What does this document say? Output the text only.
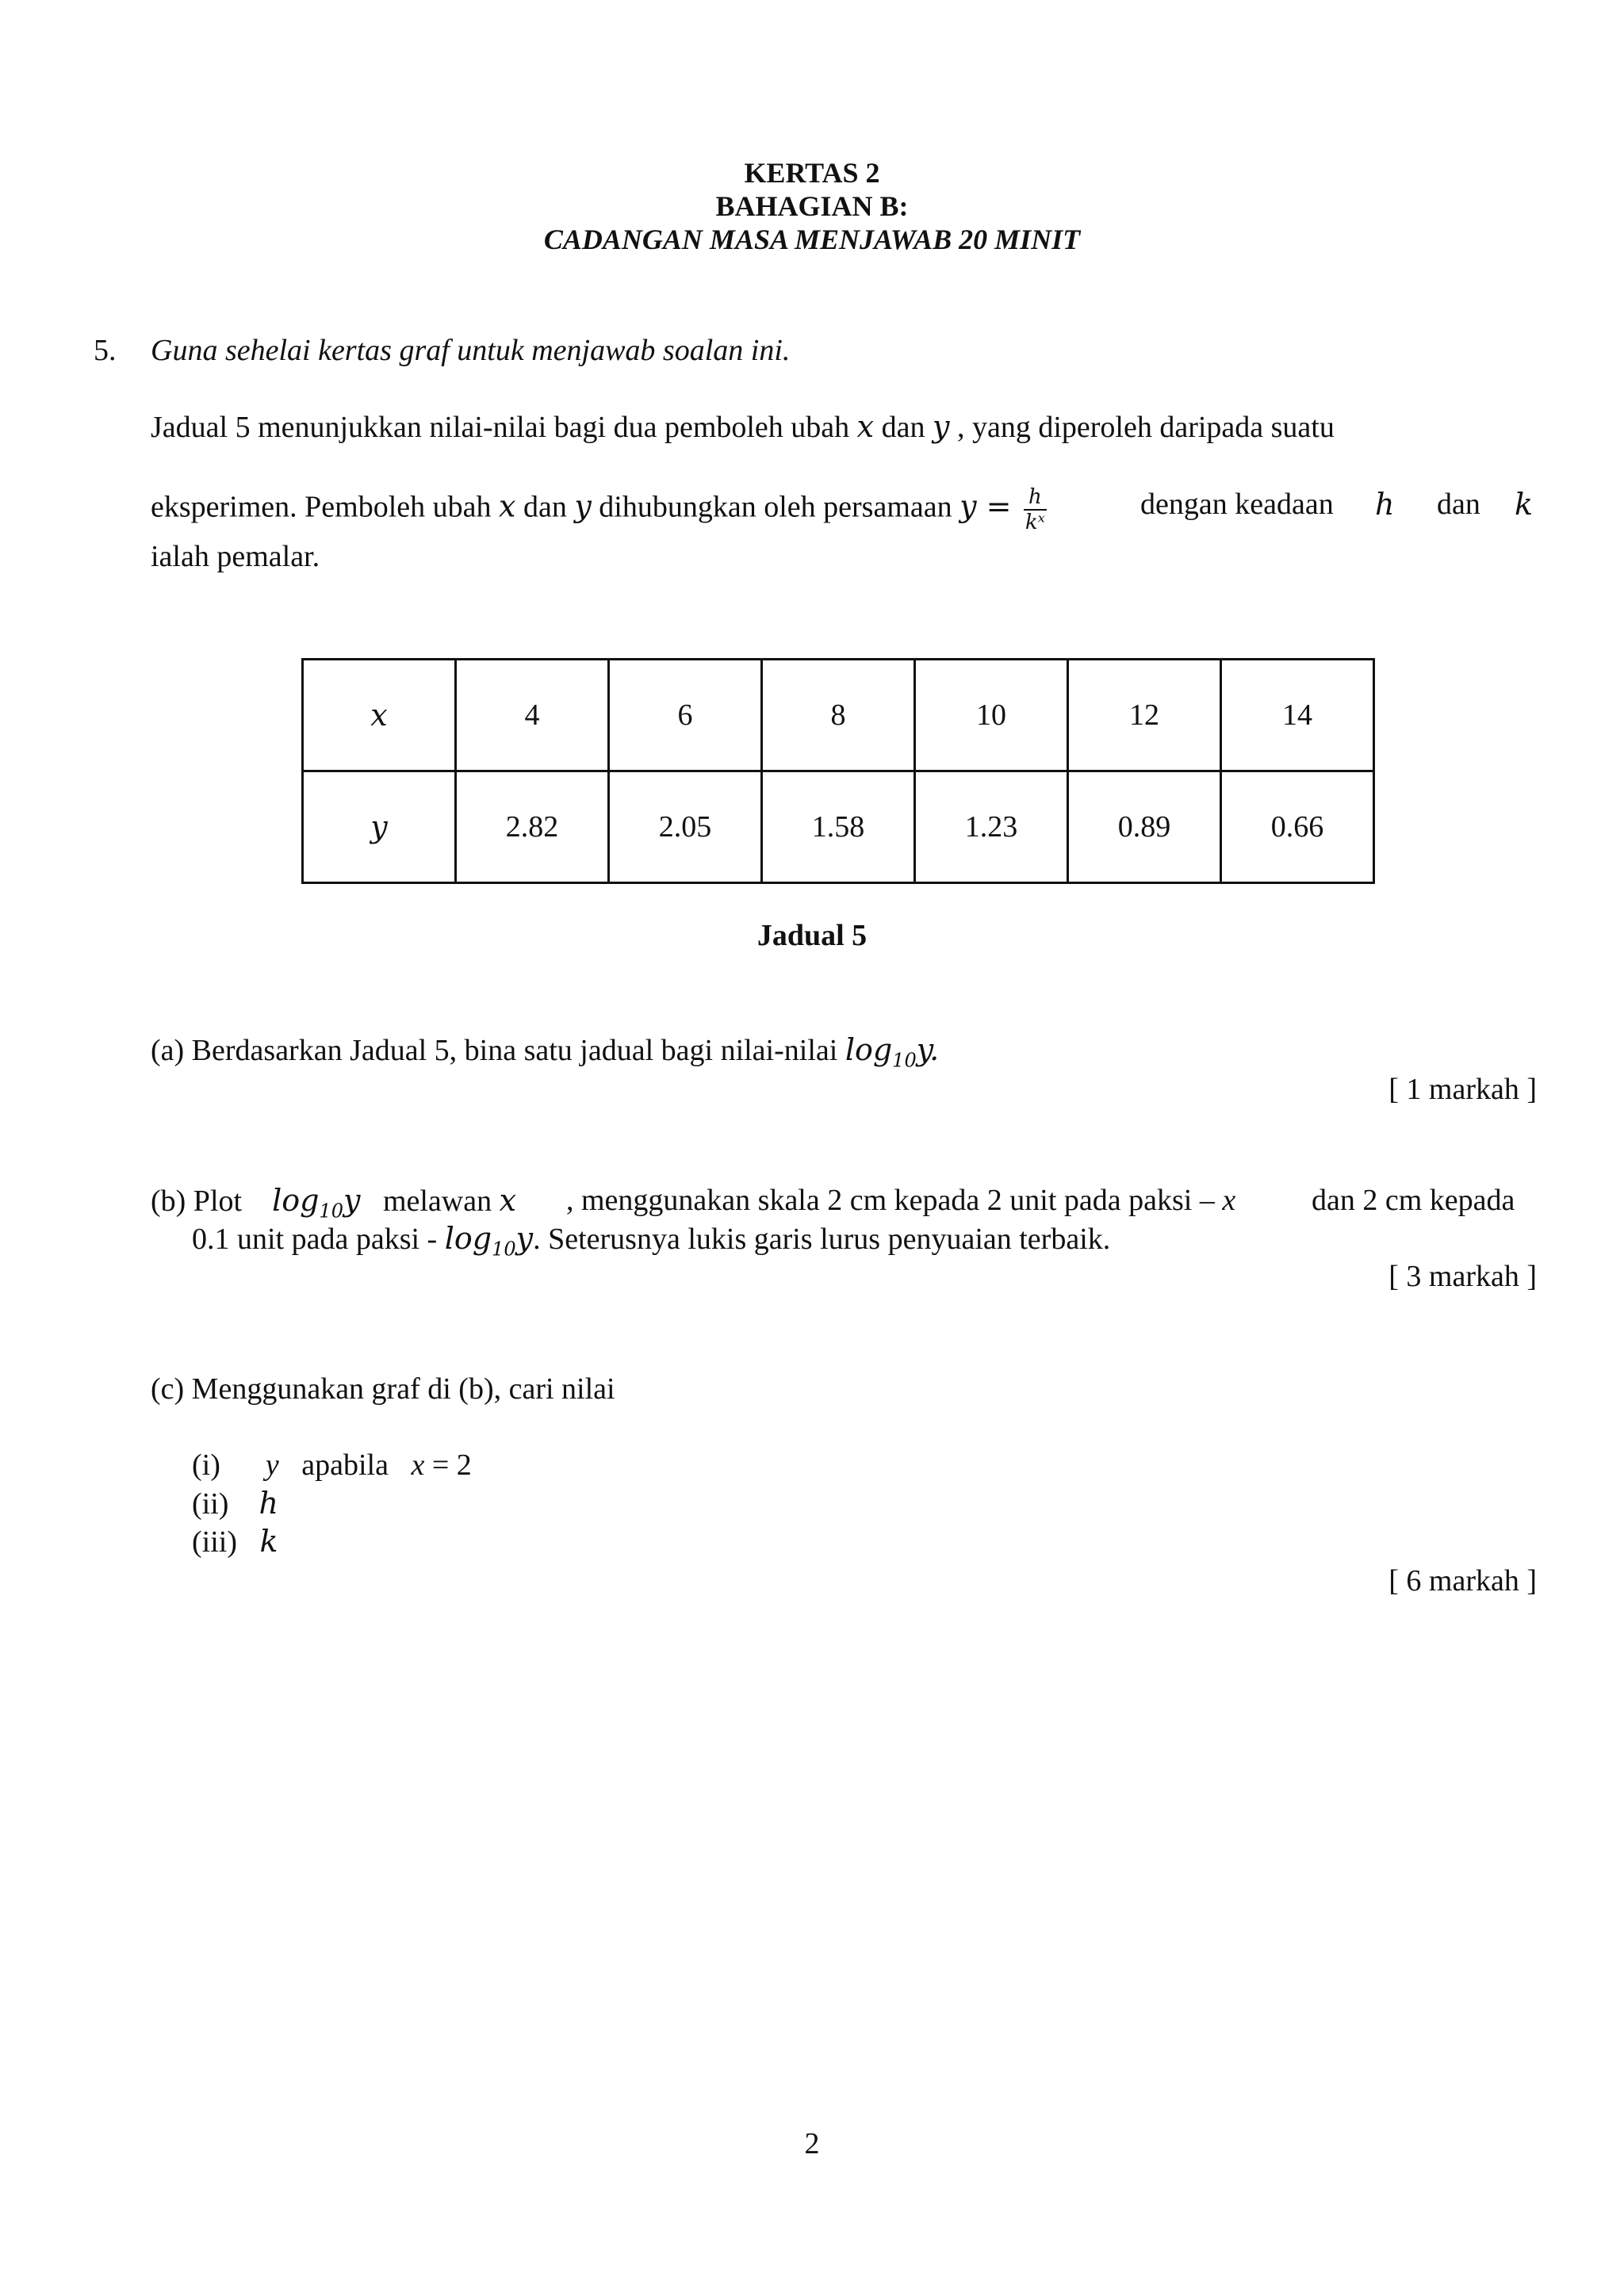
KERTAS 2
BAHAGIAN B:
CADANGAN MASA MENJAWAB 20 MINIT
5. Guna sehelai kertas graf untuk menjawab soalan ini.
Jadual 5 menunjukkan nilai-nilai bagi dua pemboleh ubah x dan y , yang diperoleh daripada suatu
eksperimen. Pemboleh ubah x dan y dihubungkan oleh persamaan $y = \frac{h}{\text{kˣ}}$	dengan keadaan h dan k
ialah pemalar.
x	4	6	8	10	12	14
y	2.82	2.05	1.58	1.23	0.89	0.66
Jadual 5
(a) Berdasarkan Jadual 5, bina satu jadual bagi nilai-nilai $\log_{10}y$.
[ 1 markah ]
(b) Plot $\log_{10}y$ melawan x , menggunakan skala 2 cm kepada 2 unit pada paksi – x	dan 2 cm kepada
0.1 unit pada paksi - $\log_{10}y$. Seterusnya lukis garis lurus penyuaian terbaik.
[ 3 markah ]
(c) Menggunakan graf di (b), cari nilai
(i) y apabila x = 2
(ii) h
(iii) k
[ 6 markah ]
2
